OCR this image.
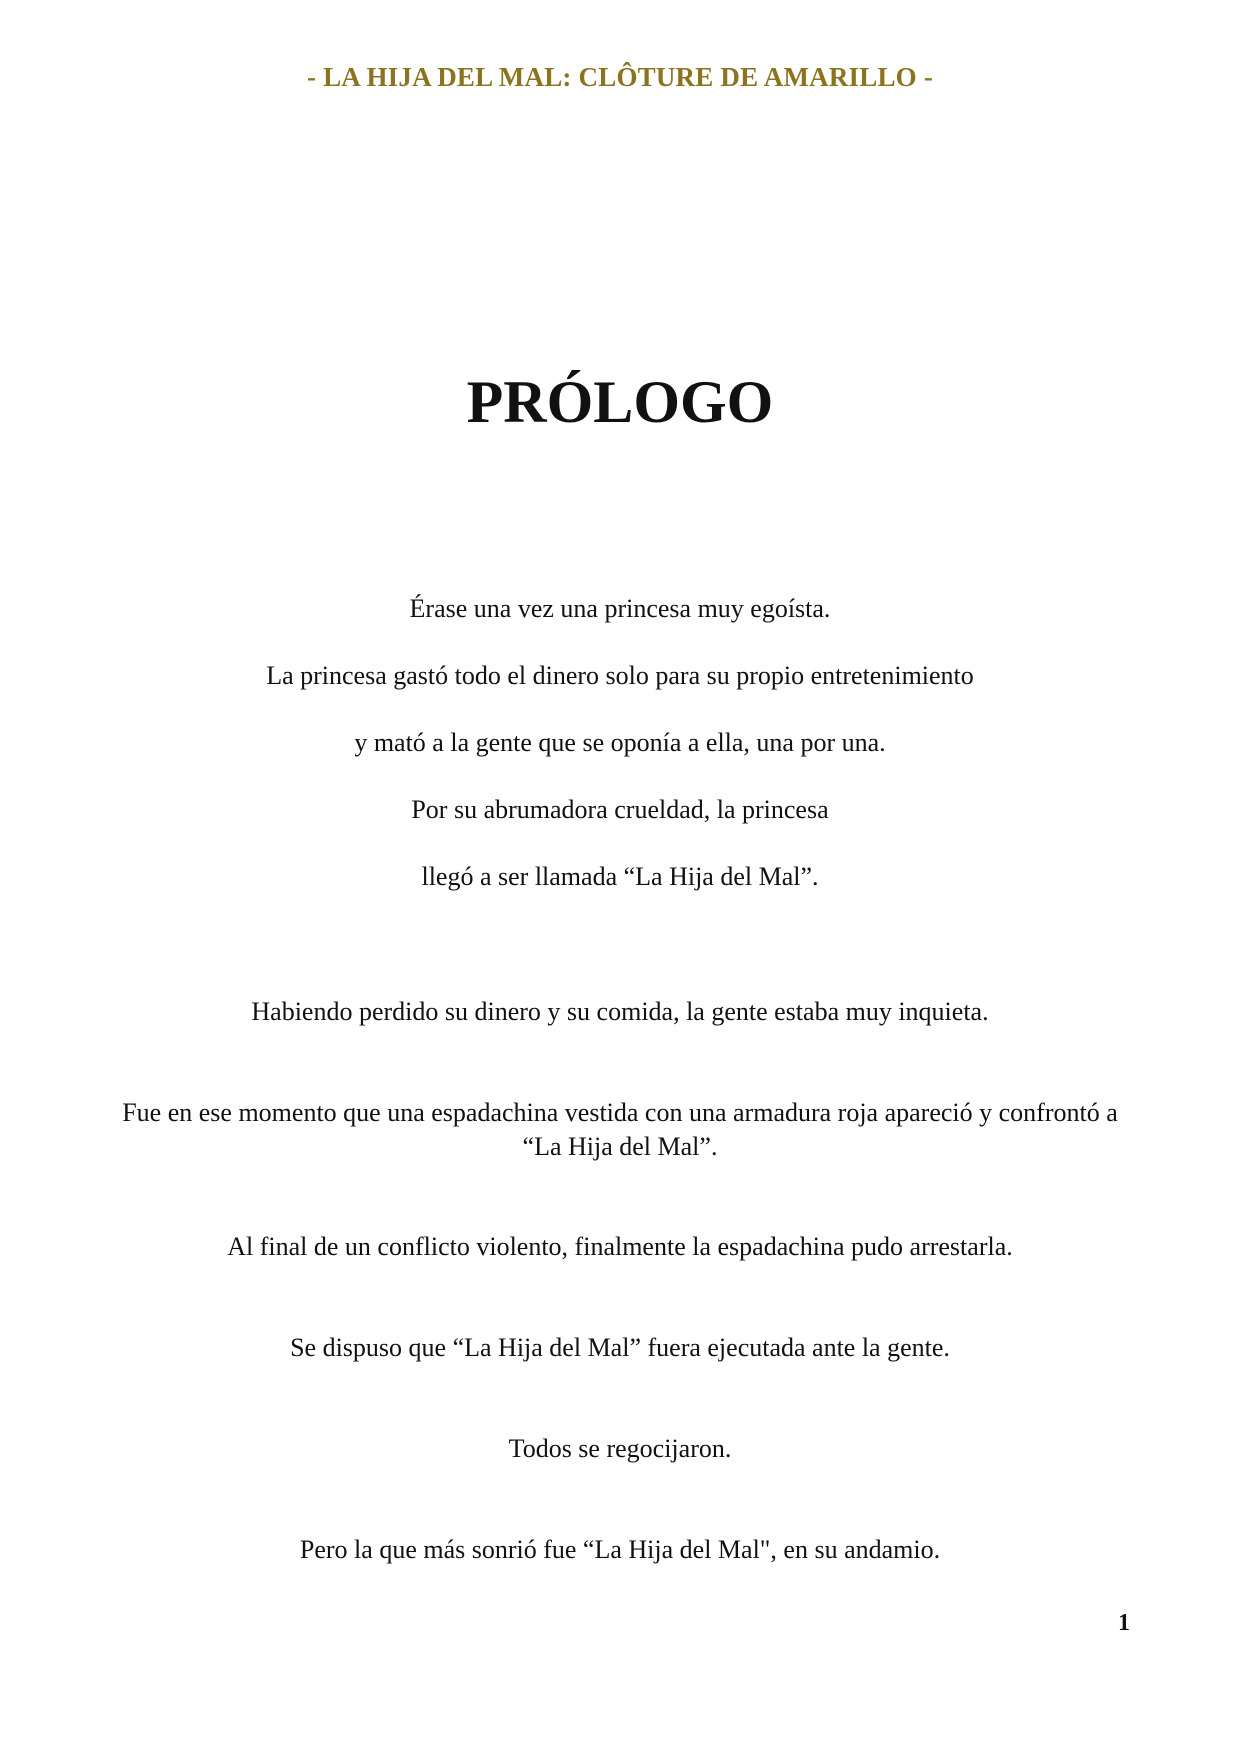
- LA HIJA DEL MAL: CLÔTURE DE AMARILLO -
PRÓLOGO
Érase una vez una princesa muy egoísta.
La princesa gastó todo el dinero solo para su propio entretenimiento
y mató a la gente que se oponía a ella, una por una.
Por su abrumadora crueldad, la princesa
llegó a ser llamada “La Hija del Mal”.
Habiendo perdido su dinero y su comida, la gente estaba muy inquieta.
Fue en ese momento que una espadachina vestida con una armadura roja apareció y confrontó a “La Hija del Mal”.
Al final de un conflicto violento, finalmente la espadachina pudo arrestarla.
Se dispuso que “La Hija del Mal” fuera ejecutada ante la gente.
Todos se regocijaron.
Pero la que más sonrió fue “La Hija del Mal", en su andamio.
1
